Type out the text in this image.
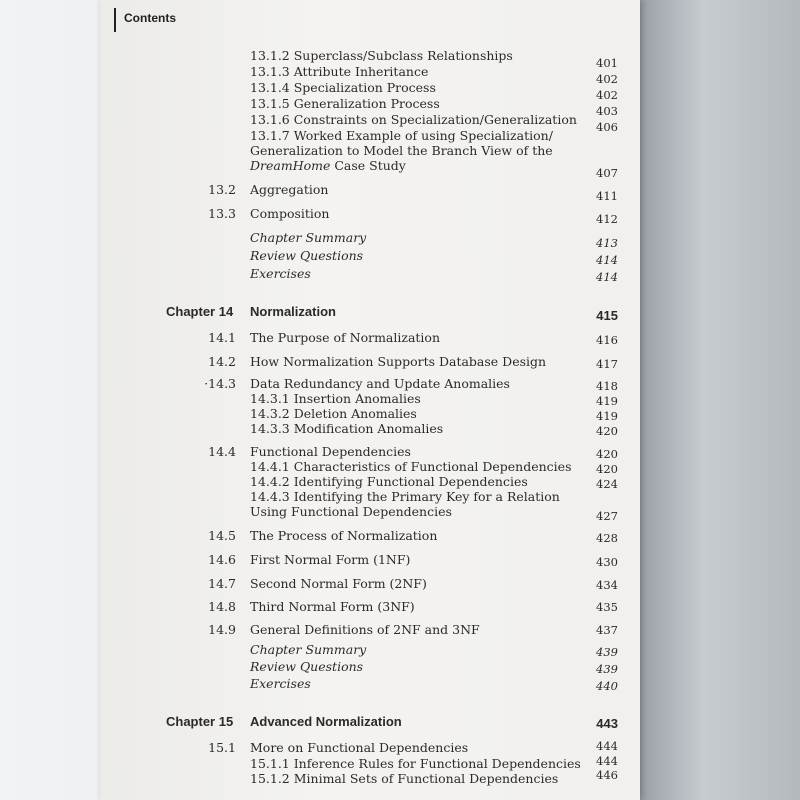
Contents
13.1.2 Superclass/Subclass Relationships	401
13.1.3 Attribute Inheritance	402
13.1.4 Specialization Process	402
13.1.5 Generalization Process	403
13.1.6 Constraints on Specialization/Generalization	406
13.1.7 Worked Example of using Specialization/
Generalization to Model the Branch View of the
DreamHome Case Study	407
13.2 Aggregation	411
13.3 Composition	412
Chapter Summary	413
Review Questions	414
Exercises	414
Chapter 14 Normalization	415
14.1 The Purpose of Normalization	416
14.2 How Normalization Supports Database Design	417
·14.3 Data Redundancy and Update Anomalies	418
14.3.1 Insertion Anomalies	419
14.3.2 Deletion Anomalies	419
14.3.3 Modification Anomalies	420
14.4 Functional Dependencies	420
14.4.1 Characteristics of Functional Dependencies	420
14.4.2 Identifying Functional Dependencies	424
14.4.3 Identifying the Primary Key for a Relation
Using Functional Dependencies	427
14.5 The Process of Normalization	428
14.6 First Normal Form (1NF)	430
14.7 Second Normal Form (2NF)	434
14.8 Third Normal Form (3NF)	435
14.9 General Definitions of 2NF and 3NF	437
Chapter Summary	439
Review Questions	439
Exercises	440
Chapter 15 Advanced Normalization	443
15.1 More on Functional Dependencies	444
15.1.1 Inference Rules for Functional Dependencies	444
15.1.2 Minimal Sets of Functional Dependencies	446
